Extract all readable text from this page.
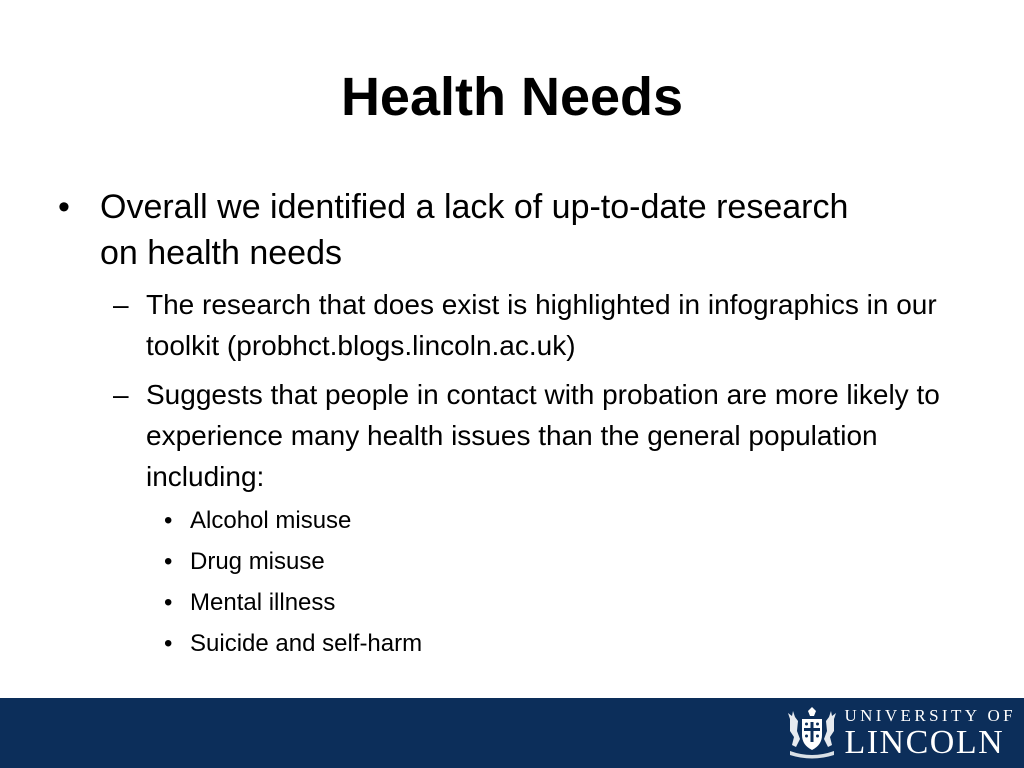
Health Needs
• Overall we identified a lack of up-to-date research on health needs
– The research that does exist is highlighted in infographics in our toolkit (probhct.blogs.lincoln.ac.uk)
– Suggests that people in contact with probation are more likely to experience many health issues than the general population including:
• Alcohol misuse
• Drug misuse
• Mental illness
• Suicide and self-harm
UNIVERSITY OF
LINCOLN
